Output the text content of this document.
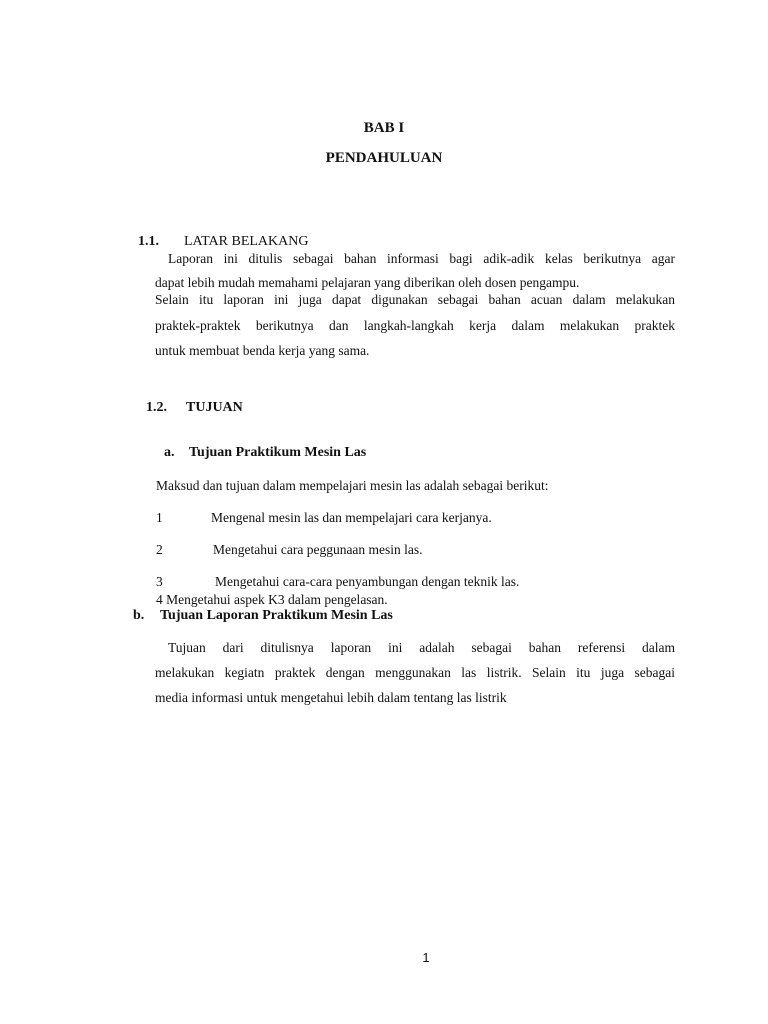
BAB I
PENDAHULUAN
1.1. LATAR BELAKANG
Laporan ini ditulis sebagai bahan informasi bagi adik-adik kelas berikutnya agar
dapat lebih mudah memahami pelajaran yang diberikan oleh dosen pengampu.
Selain itu laporan ini juga dapat digunakan sebagai bahan acuan dalam melakukan
praktek-praktek berikutnya dan langkah-langkah kerja dalam melakukan praktek
untuk membuat benda kerja yang sama.
1.2. TUJUAN
a. Tujuan Praktikum Mesin Las
Maksud dan tujuan dalam mempelajari mesin las adalah sebagai berikut:
1	Mengenal mesin las dan mempelajari cara kerjanya.
2	Mengetahui cara peggunaan mesin las.
3	Mengetahui cara-cara penyambungan dengan teknik las.
4 Mengetahui aspek K3 dalam pengelasan.
b. Tujuan Laporan Praktikum Mesin Las
Tujuan dari ditulisnya laporan ini adalah sebagai bahan referensi dalam
melakukan kegiatn praktek dengan menggunakan las listrik. Selain itu juga sebagai
media informasi untuk mengetahui lebih dalam tentang las listrik
1
